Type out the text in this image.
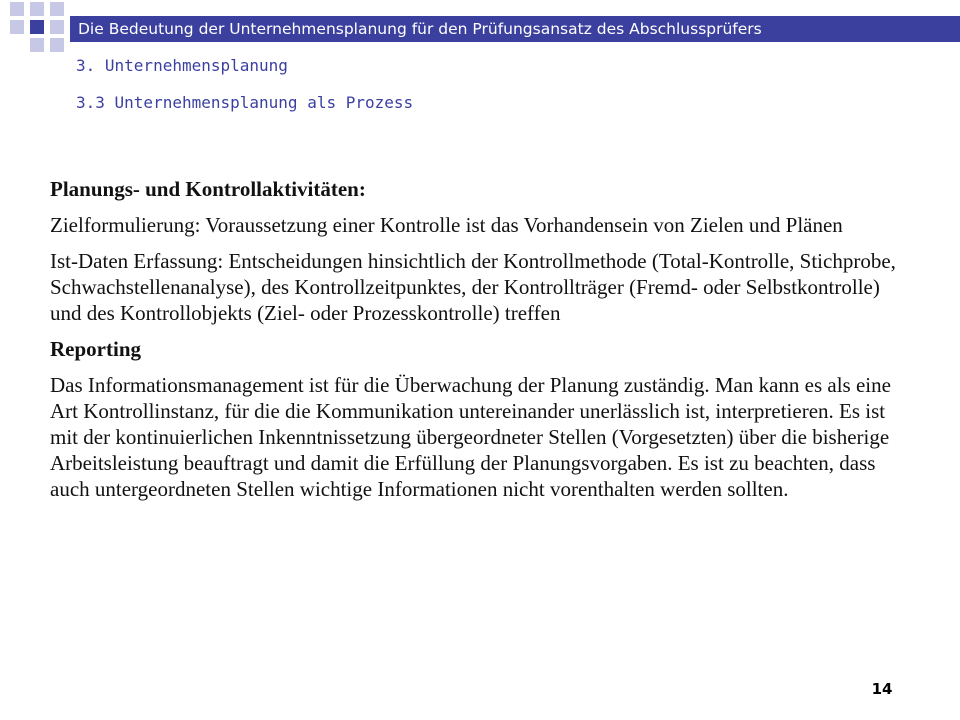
Die Bedeutung der Unternehmensplanung für den Prüfungsansatz des Abschlussprüfers
3. Unternehmensplanung
3.3 Unternehmensplanung als Prozess

Planungs- und Kontrollaktivitäten:

Zielformulierung: Voraussetzung einer Kontrolle ist das Vorhandensein von Zielen und Plänen

Ist-Daten Erfassung: Entscheidungen hinsichtlich der Kontrollmethode (Total-Kontrolle, Stichprobe, Schwachstellenanalyse), des Kontrollzeitpunktes, der Kontrollträger (Fremd- oder Selbstkontrolle) und des Kontrollobjekts (Ziel- oder Prozesskontrolle) treffen

Reporting

Das Informationsmanagement ist für die Überwachung der Planung zuständig. Man kann es als eine Art Kontrollinstanz, für die die Kommunikation untereinander unerlässlich ist, interpretieren. Es ist mit der kontinuierlichen Inkenntnissetzung übergeordneter Stellen (Vorgesetzten) über die bisherige Arbeitsleistung beauftragt und damit die Erfüllung der Planungsvorgaben. Es ist zu beachten, dass auch untergeordneten Stellen wichtige Informationen nicht vorenthalten werden sollten.

14
